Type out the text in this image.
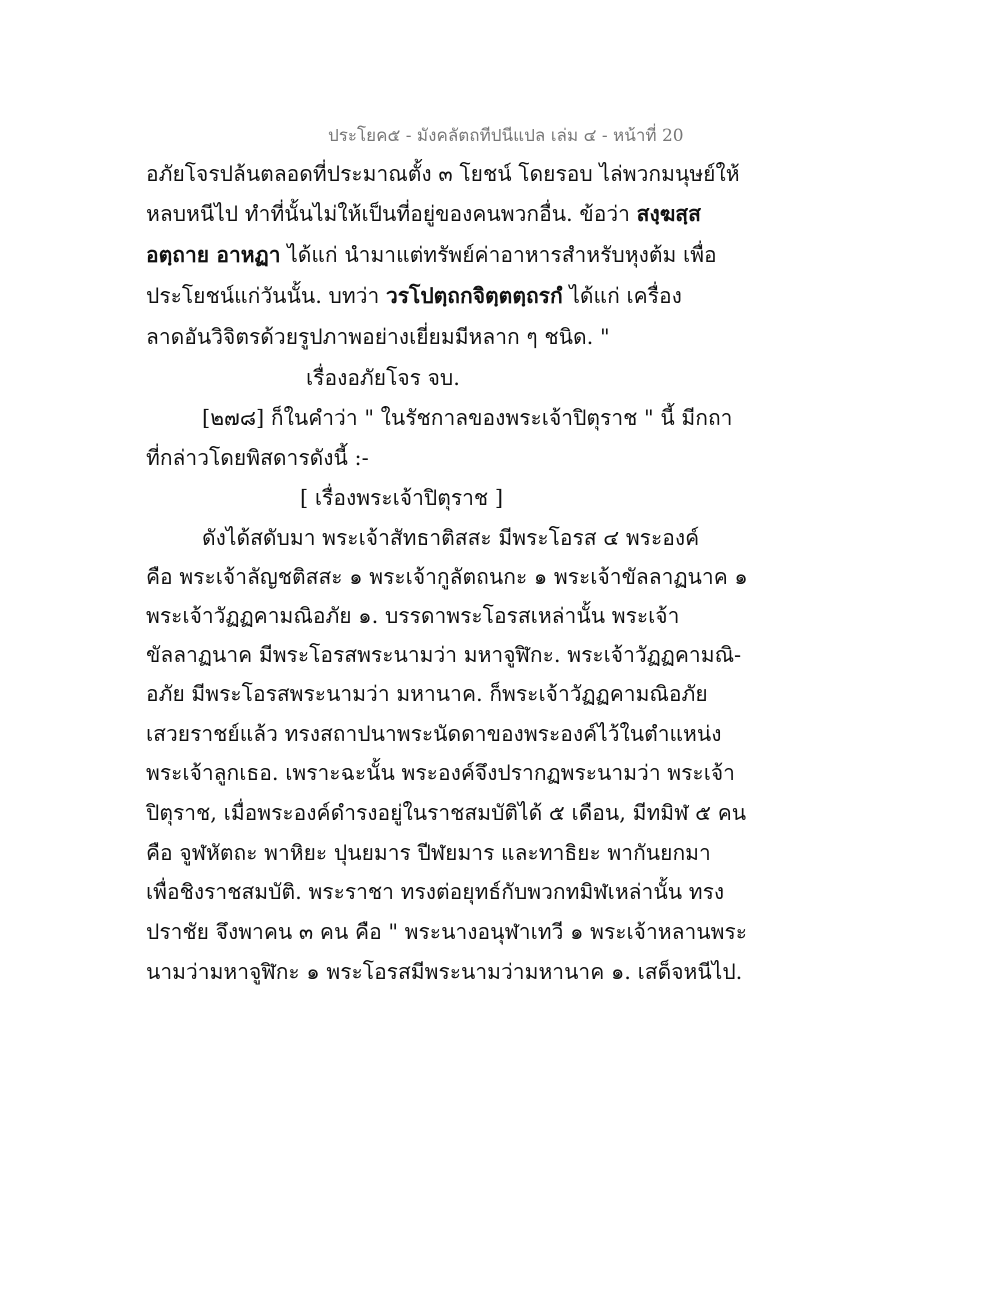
ประโยค๕ - มังคลัตถทีปนีแปล เล่ม ๔ - หน้าที่ 20
อภัยโจรปล้นตลอดที่ประมาณตั้ง ๓ โยชน์ โดยรอบ ไล่พวกมนุษย์ให้
หลบหนีไป ทำที่นั้นไม่ให้เป็นที่อยู่ของคนพวกอื่น. ข้อว่า สงฺฆสฺส
อตฺถาย อาหฏา ได้แก่ นำมาแต่ทรัพย์ค่าอาหารสำหรับหุงต้ม เพื่อ
ประโยชน์แก่วันนั้น. บทว่า วรโปตฺถกจิตฺตตฺถรกํ ได้แก่ เครื่อง
ลาดอันวิจิตรด้วยรูปภาพอย่างเยี่ยมมีหลาก ๆ ชนิด. "
เรื่องอภัยโจร จบ.
[๒๗๘] ก็ในคำว่า " ในรัชกาลของพระเจ้าปิตุราช " นี้ มีกถา
ที่กล่าวโดยพิสดารดังนี้ :-
[ เรื่องพระเจ้าปิตุราช ]
ดังได้สดับมา พระเจ้าสัทธาติสสะ มีพระโอรส ๔ พระองค์
คือ พระเจ้าลัญชติสสะ ๑ พระเจ้ากูลัตถนกะ ๑ พระเจ้าขัลลาฏนาค ๑
พระเจ้าวัฏฏคามณิอภัย ๑. บรรดาพระโอรสเหล่านั้น พระเจ้า
ขัลลาฏนาค มีพระโอรสพระนามว่า มหาจูฬิกะ. พระเจ้าวัฏฏคามณิ-
อภัย มีพระโอรสพระนามว่า มหานาค. ก็พระเจ้าวัฏฏคามณิอภัย
เสวยราชย์แล้ว ทรงสถาปนาพระนัดดาของพระองค์ไว้ในตำแหน่ง
พระเจ้าลูกเธอ. เพราะฉะนั้น พระองค์จึงปรากฏพระนามว่า พระเจ้า
ปิตุราช, เมื่อพระองค์ดำรงอยู่ในราชสมบัติได้ ๕ เดือน, มีทมิฬ ๕ คน
คือ จูฬหัตถะ พาหิยะ ปุนยมาร ปีฬยมาร และทาธิยะ พากันยกมา
เพื่อชิงราชสมบัติ. พระราชา ทรงต่อยุทธ์กับพวกทมิฬเหล่านั้น ทรง
ปราชัย จึงพาคน ๓ คน คือ " พระนางอนุฬาเทวี ๑ พระเจ้าหลานพระ
นามว่ามหาจูฬิกะ ๑ พระโอรสมีพระนามว่ามหานาค ๑. เสด็จหนีไป.
